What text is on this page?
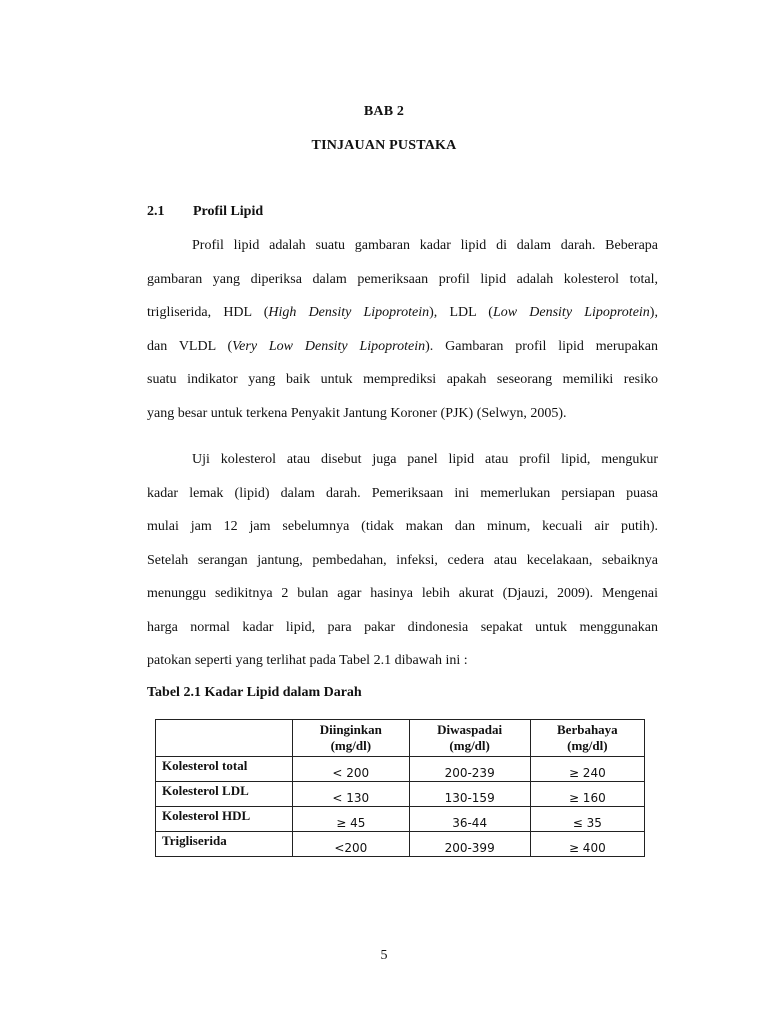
BAB 2
TINJAUAN PUSTAKA
2.1 Profil Lipid
Profil lipid adalah suatu gambaran kadar lipid di dalam darah. Beberapa
gambaran yang diperiksa dalam pemeriksaan profil lipid adalah kolesterol total,
trigliserida, HDL (High Density Lipoprotein), LDL (Low Density Lipoprotein),
dan VLDL (Very Low Density Lipoprotein). Gambaran profil lipid merupakan
suatu indikator yang baik untuk memprediksi apakah seseorang memiliki resiko
yang besar untuk terkena Penyakit Jantung Koroner (PJK) (Selwyn, 2005).
Uji kolesterol atau disebut juga panel lipid atau profil lipid, mengukur
kadar lemak (lipid) dalam darah. Pemeriksaan ini memerlukan persiapan puasa
mulai jam 12 jam sebelumnya (tidak makan dan minum, kecuali air putih).
Setelah serangan jantung, pembedahan, infeksi, cedera atau kecelakaan, sebaiknya
menunggu sedikitnya 2 bulan agar hasinya lebih akurat (Djauzi, 2009). Mengenai
harga normal kadar lipid, para pakar dindonesia sepakat untuk menggunakan
patokan seperti yang terlihat pada Tabel 2.1 dibawah ini :
Tabel 2.1 Kadar Lipid dalam Darah
	Diinginkan
(mg/dl)	Diwaspadai
(mg/dl)	Berbahaya
(mg/dl)
Kolesterol total	< 200	200-239	≥ 240
Kolesterol LDL	< 130	130-159	≥ 160
Kolesterol HDL	≥ 45	36-44	≤ 35
Trigliserida	<200	200-399	≥ 400
5
